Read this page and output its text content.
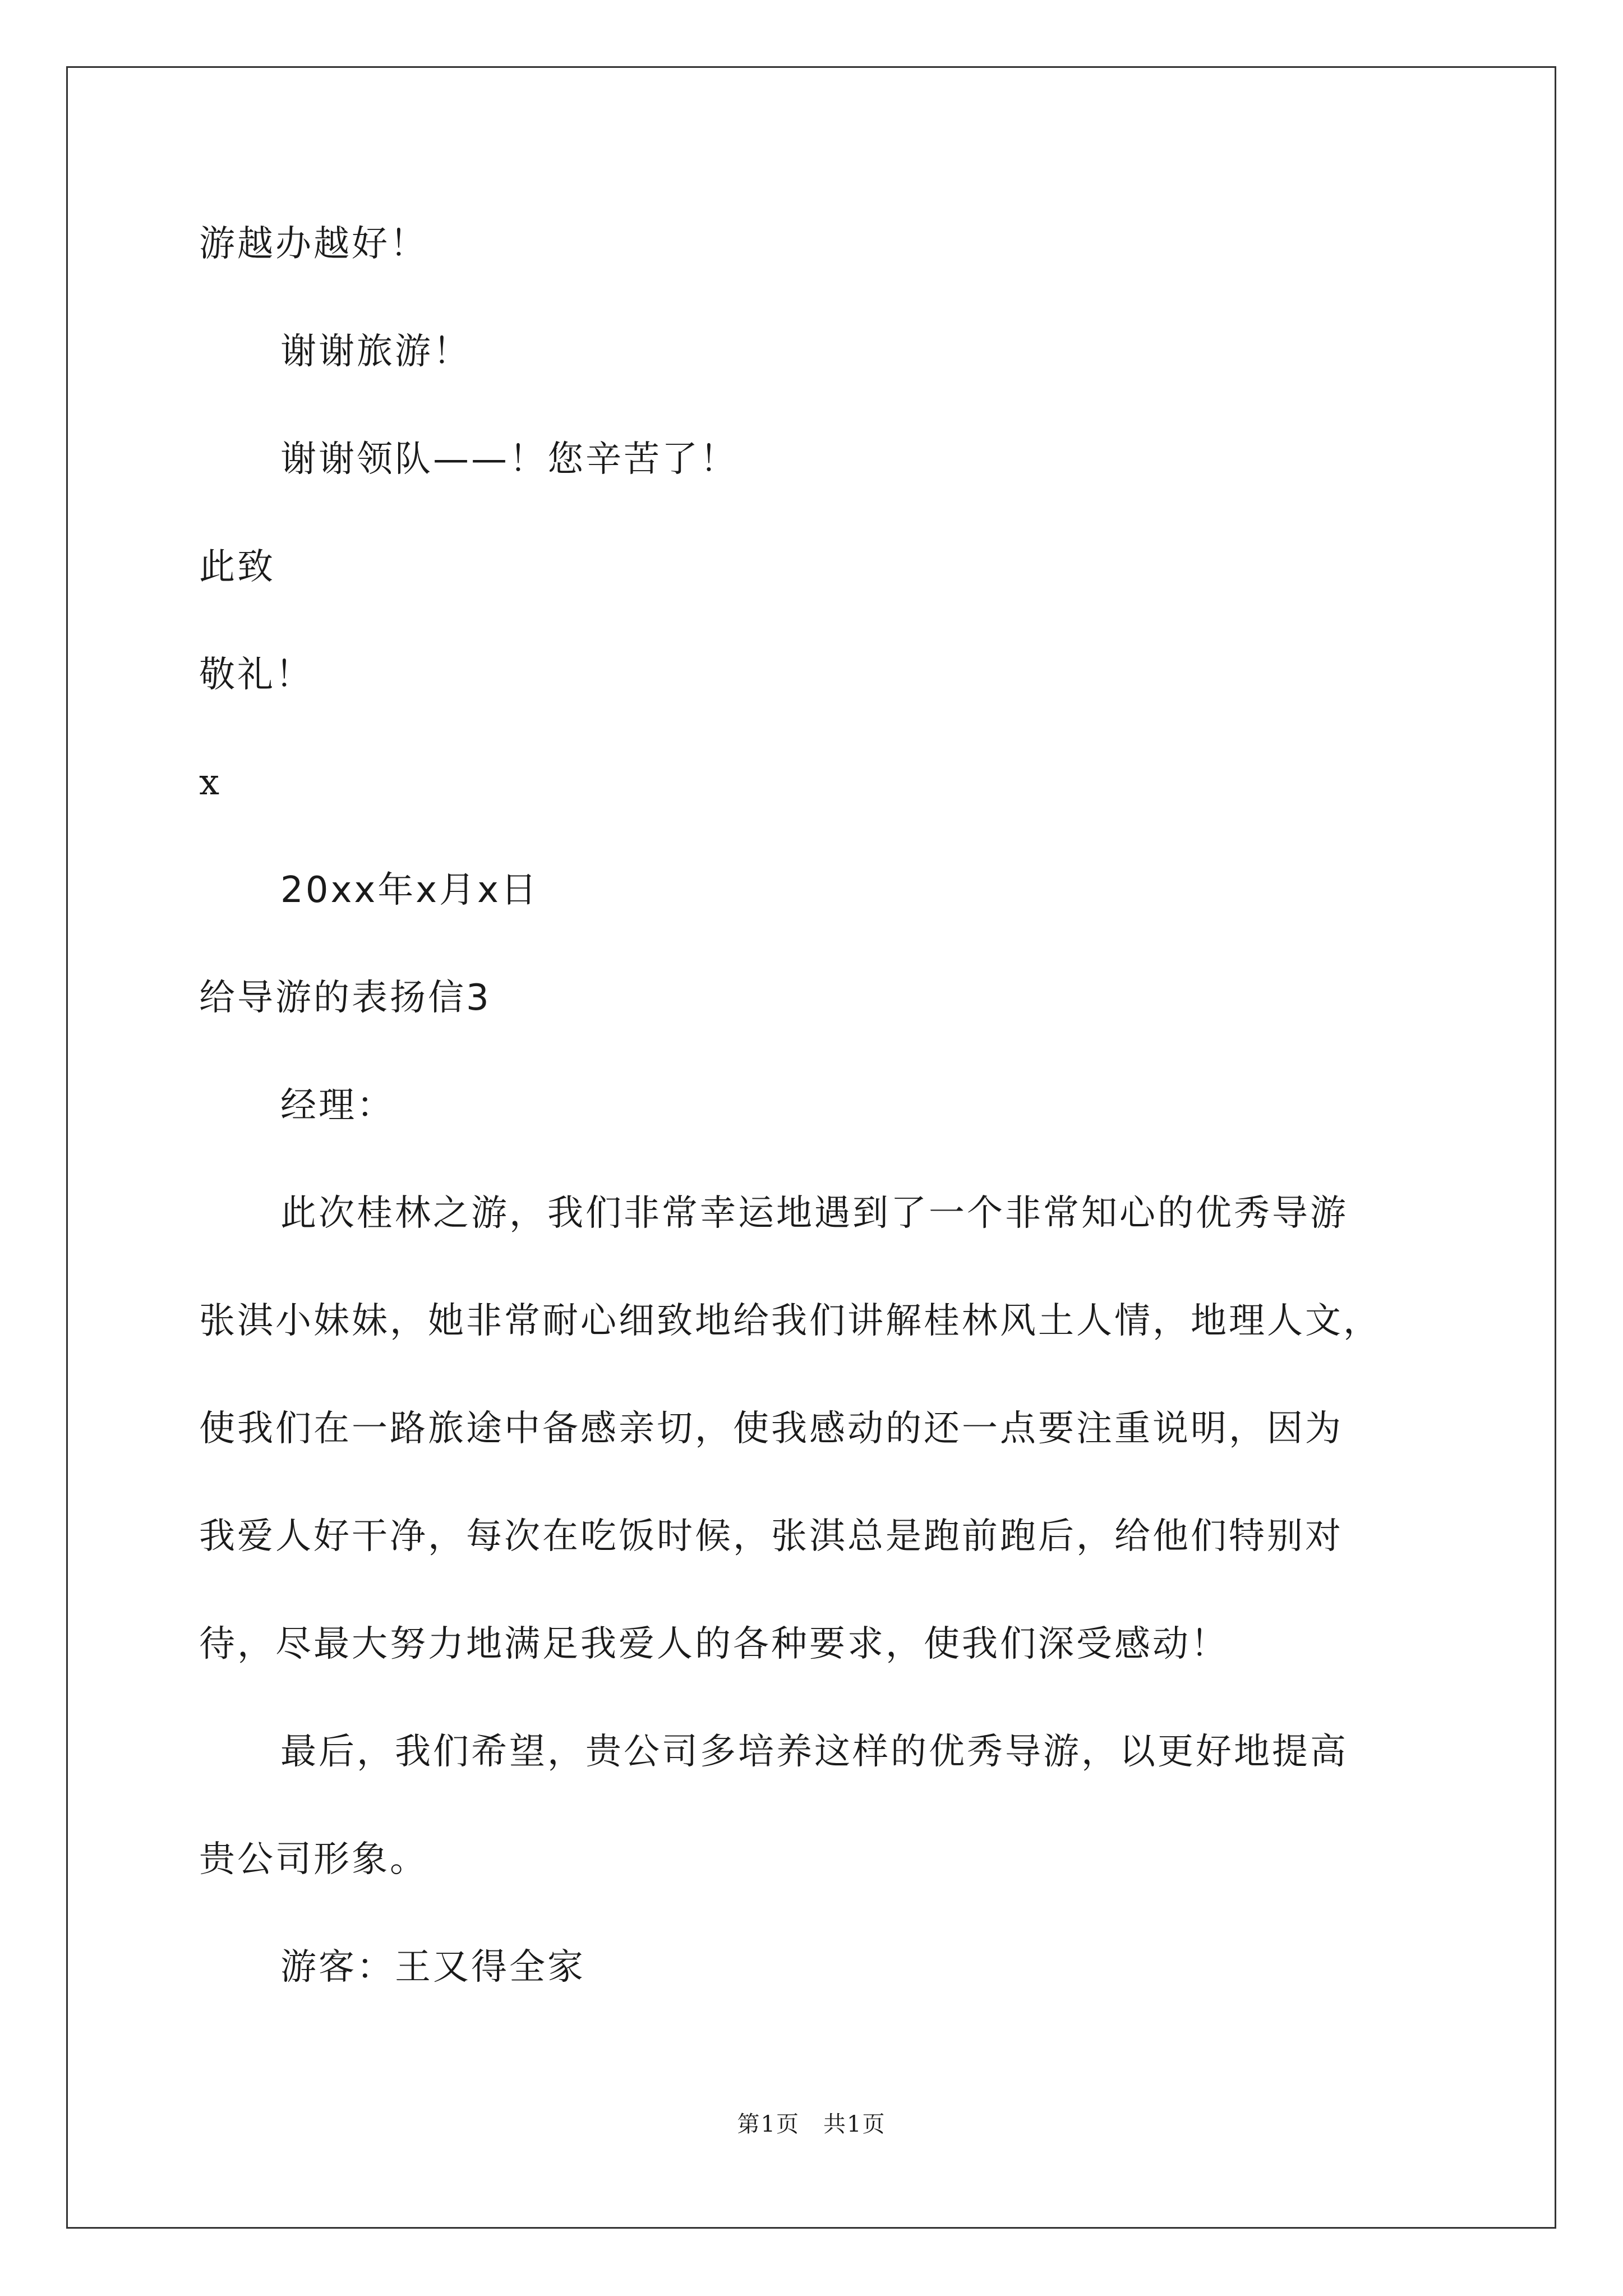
游越办越好！
谢谢旅游！
谢谢领队——！您辛苦了！
此致
敬礼！
x
20xx年x月x日
给导游的表扬信3
经理：
此次桂林之游，我们非常幸运地遇到了一个非常知心的优秀导游
张淇小妹妹，她非常耐心细致地给我们讲解桂林风土人情，地理人文，
使我们在一路旅途中备感亲切，使我感动的还一点要注重说明，因为
我爱人好干净，每次在吃饭时候，张淇总是跑前跑后，给他们特别对
待，尽最大努力地满足我爱人的各种要求，使我们深受感动！
最后，我们希望，贵公司多培养这样的优秀导游，以更好地提高
贵公司形象。
游客：王又得全家
第1页　共1页
